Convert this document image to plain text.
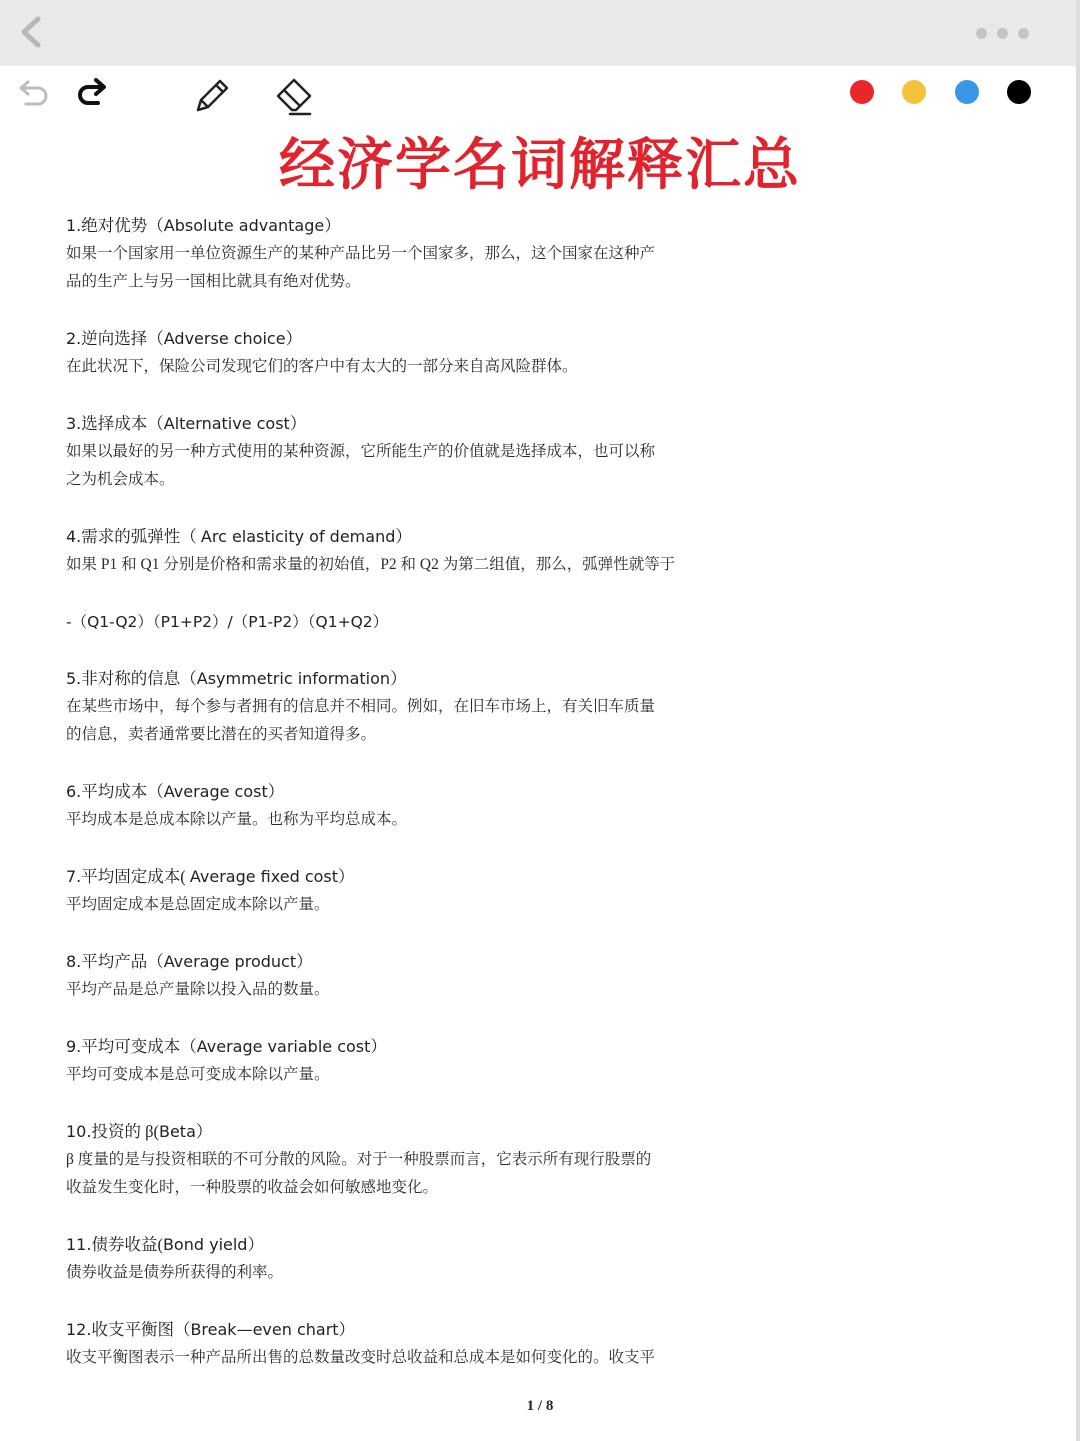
经济学名词解释汇总
1.绝对优势（Absolute advantage）
如果一个国家用一单位资源生产的某种产品比另一个国家多，那么，这个国家在这种产
品的生产上与另一国相比就具有绝对优势。
2.逆向选择（Adverse choice）
在此状况下，保险公司发现它们的客户中有太大的一部分来自高风险群体。
3.选择成本（Alternative cost）
如果以最好的另一种方式使用的某种资源，它所能生产的价值就是选择成本，也可以称
之为机会成本。
4.需求的弧弹性（ Arc elasticity of demand）
如果 P1 和 Q1 分别是价格和需求量的初始值，P2 和 Q2 为第二组值，那么，弧弹性就等于
-（Q1-Q2）（P1+P2）/（P1-P2）（Q1+Q2）
5.非对称的信息（Asymmetric information）
在某些市场中，每个参与者拥有的信息并不相同。例如，在旧车市场上，有关旧车质量
的信息，卖者通常要比潜在的买者知道得多。
6.平均成本（Average cost）
平均成本是总成本除以产量。也称为平均总成本。
7.平均固定成本( Average fixed cost）
平均固定成本是总固定成本除以产量。
8.平均产品（Average product）
平均产品是总产量除以投入品的数量。
9.平均可变成本（Average variable cost）
平均可变成本是总可变成本除以产量。
10.投资的 β(Beta）
β 度量的是与投资相联的不可分散的风险。对于一种股票而言，它表示所有现行股票的
收益发生变化时，一种股票的收益会如何敏感地变化。
11.债券收益(Bond yield）
债券收益是债券所获得的利率。
12.收支平衡图（Break—even chart）
收支平衡图表示一种产品所出售的总数量改变时总收益和总成本是如何变化的。收支平
1 / 8
